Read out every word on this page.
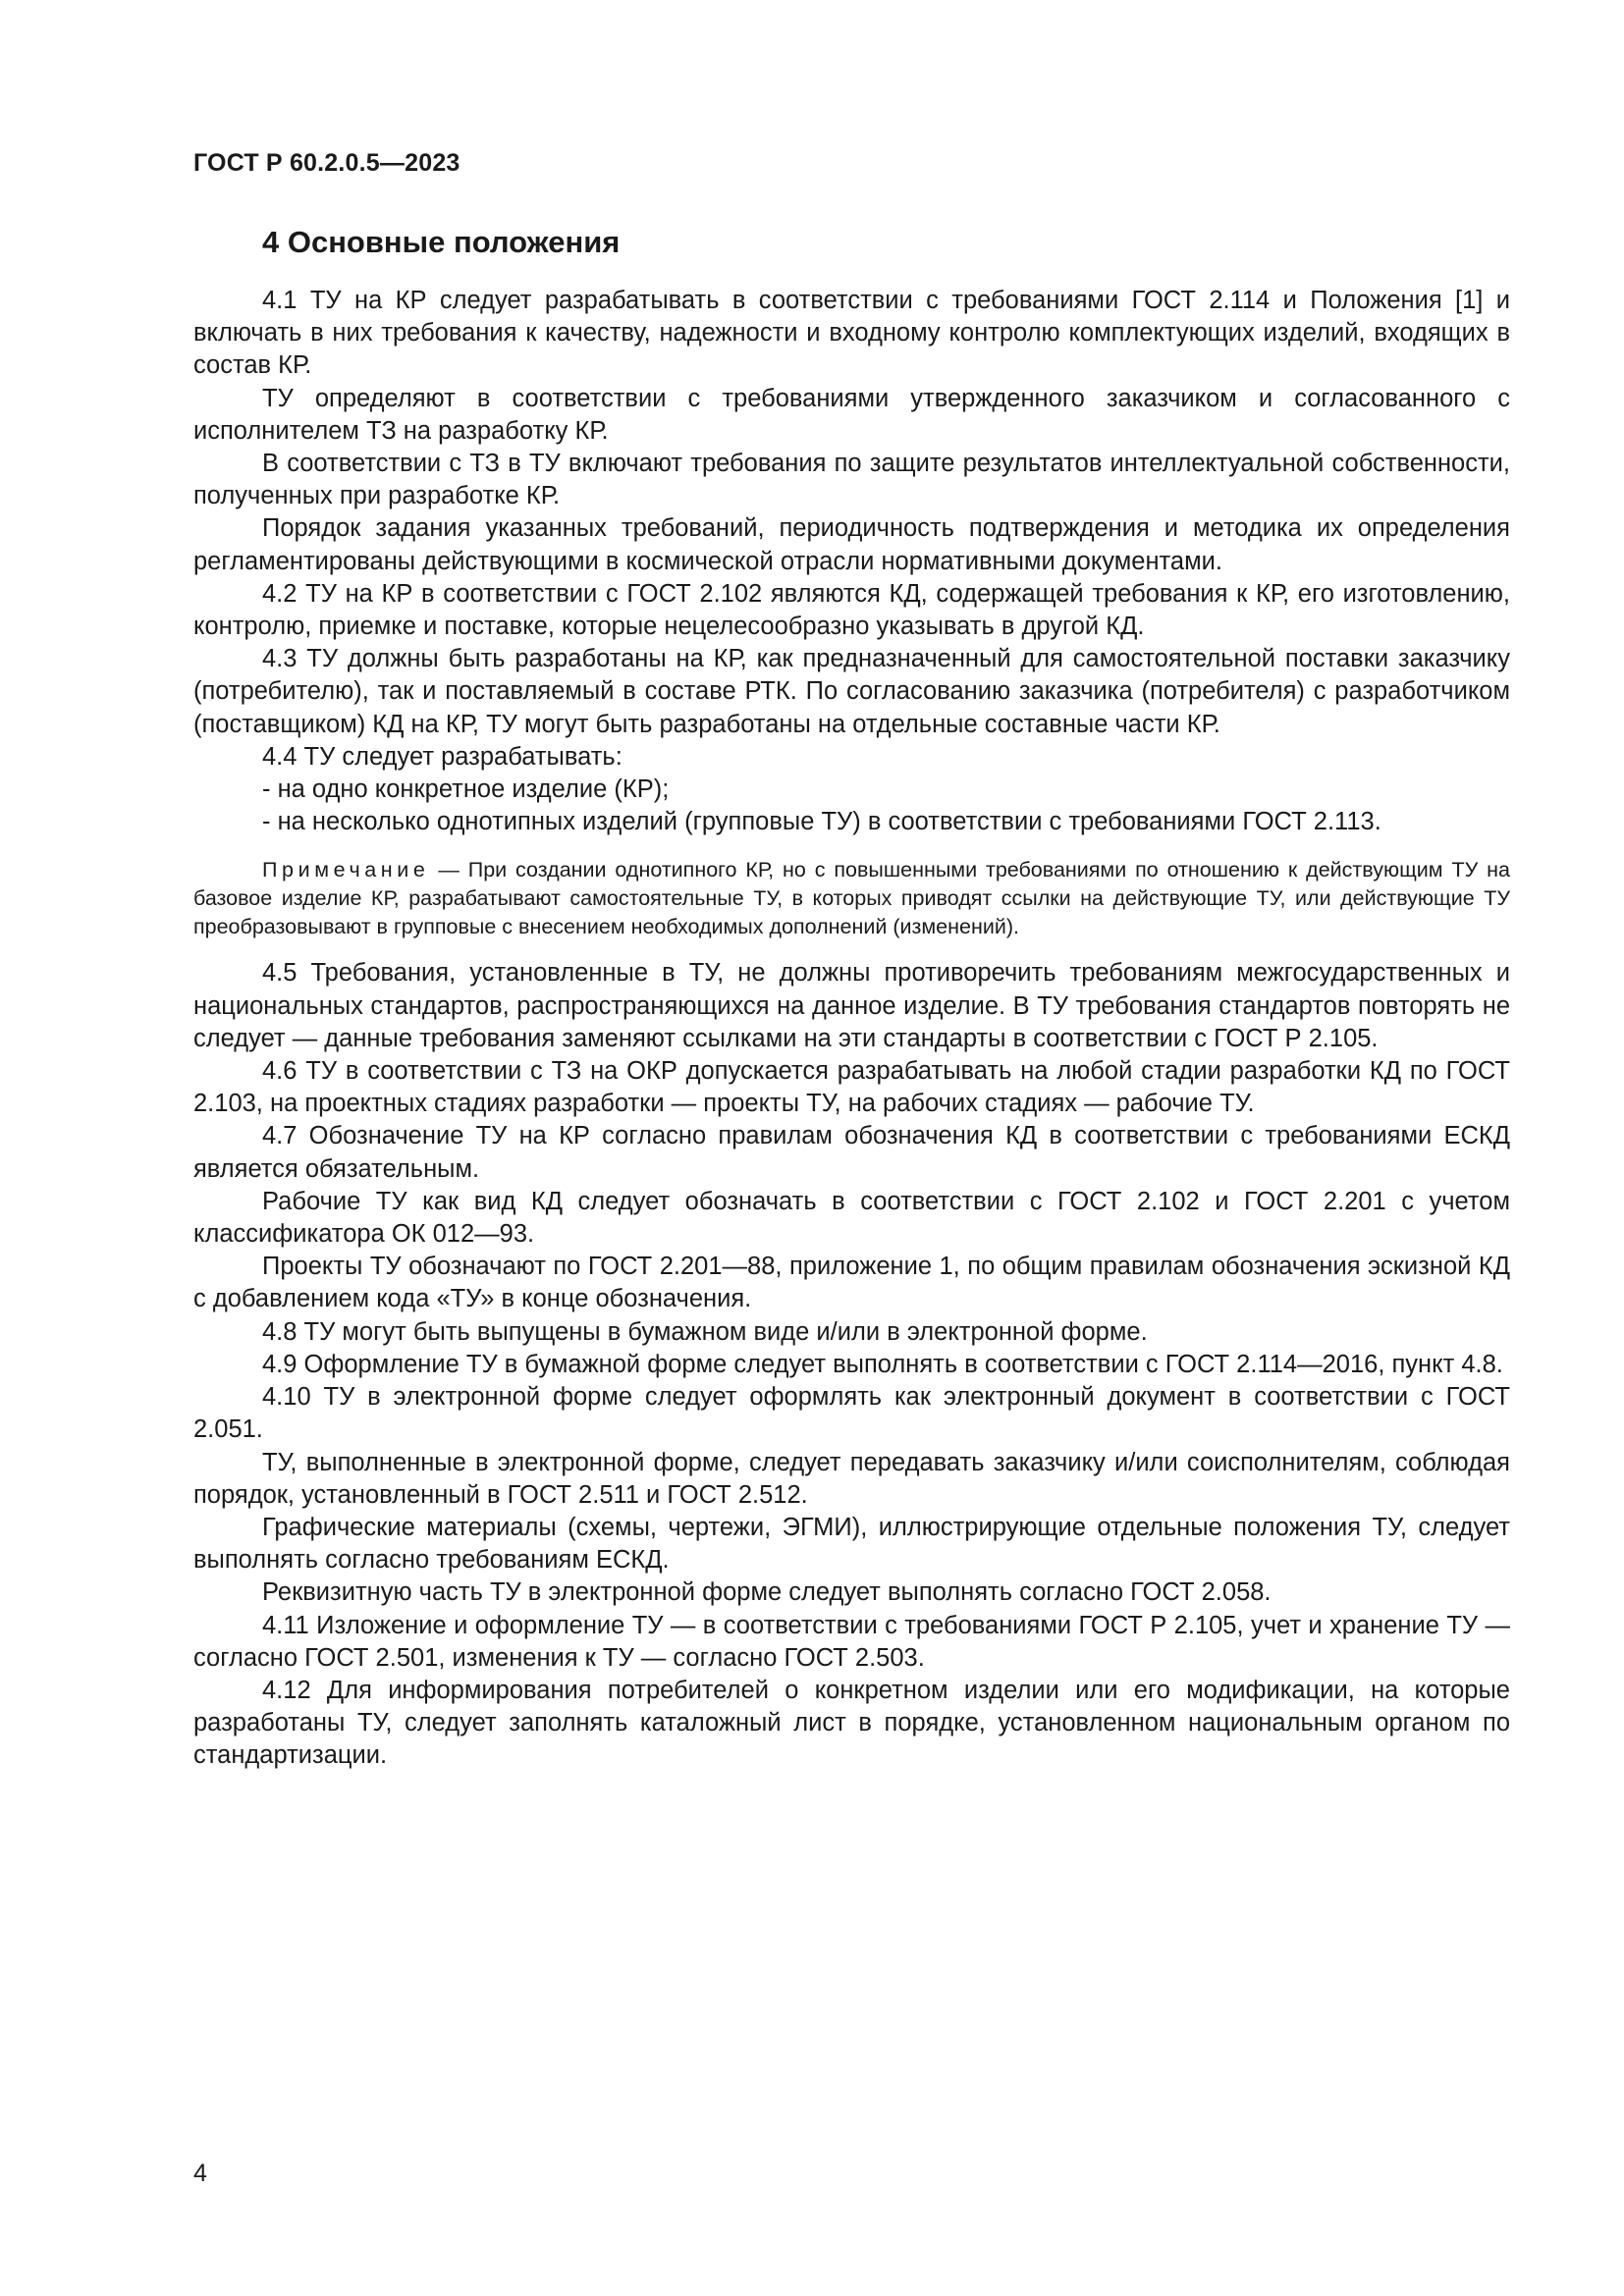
ГОСТ Р 60.2.0.5—2023
4 Основные положения

4.1 ТУ на КР следует разрабатывать в соответствии с требованиями ГОСТ 2.114 и Положения [1] и включать в них требования к качеству, надежности и входному контролю комплектующих изделий, входящих в состав КР.

ТУ определяют в соответствии с требованиями утвержденного заказчиком и согласованного с исполнителем ТЗ на разработку КР.

В соответствии с ТЗ в ТУ включают требования по защите результатов интеллектуальной собственности, полученных при разработке КР.

Порядок задания указанных требований, периодичность подтверждения и методика их определения регламентированы действующими в космической отрасли нормативными документами.

4.2 ТУ на КР в соответствии с ГОСТ 2.102 являются КД, содержащей требования к КР, его изготовлению, контролю, приемке и поставке, которые нецелесообразно указывать в другой КД.

4.3 ТУ должны быть разработаны на КР, как предназначенный для самостоятельной поставки заказчику (потребителю), так и поставляемый в составе РТК. По согласованию заказчика (потребителя) с разработчиком (поставщиком) КД на КР, ТУ могут быть разработаны на отдельные составные части КР.

4.4 ТУ следует разрабатывать:

- на одно конкретное изделие (КР);

- на несколько однотипных изделий (групповые ТУ) в соответствии с требованиями ГОСТ 2.113.

Примечание — При создании однотипного КР, но с повышенными требованиями по отношению к действующим ТУ на базовое изделие КР, разрабатывают самостоятельные ТУ, в которых приводят ссылки на действующие ТУ, или действующие ТУ преобразовывают в групповые с внесением необходимых дополнений (изменений).

4.5 Требования, установленные в ТУ, не должны противоречить требованиям межгосударственных и национальных стандартов, распространяющихся на данное изделие. В ТУ требования стандартов повторять не следует — данные требования заменяют ссылками на эти стандарты в соответствии с ГОСТ Р 2.105.

4.6 ТУ в соответствии с ТЗ на ОКР допускается разрабатывать на любой стадии разработки КД по ГОСТ 2.103, на проектных стадиях разработки — проекты ТУ, на рабочих стадиях — рабочие ТУ.

4.7 Обозначение ТУ на КР согласно правилам обозначения КД в соответствии с требованиями ЕСКД является обязательным.

Рабочие ТУ как вид КД следует обозначать в соответствии с ГОСТ 2.102 и ГОСТ 2.201 с учетом классификатора ОК 012—93.

Проекты ТУ обозначают по ГОСТ 2.201—88, приложение 1, по общим правилам обозначения эскизной КД с добавлением кода «ТУ» в конце обозначения.

4.8 ТУ могут быть выпущены в бумажном виде и/или в электронной форме.

4.9 Оформление ТУ в бумажной форме следует выполнять в соответствии с ГОСТ 2.114—2016, пункт 4.8.

4.10 ТУ в электронной форме следует оформлять как электронный документ в соответствии с ГОСТ 2.051.

ТУ, выполненные в электронной форме, следует передавать заказчику и/или соисполнителям, соблюдая порядок, установленный в ГОСТ 2.511 и ГОСТ 2.512.

Графические материалы (схемы, чертежи, ЭГМИ), иллюстрирующие отдельные положения ТУ, следует выполнять согласно требованиям ЕСКД.

Реквизитную часть ТУ в электронной форме следует выполнять согласно ГОСТ 2.058.

4.11 Изложение и оформление ТУ — в соответствии с требованиями ГОСТ Р 2.105, учет и хранение ТУ — согласно ГОСТ 2.501, изменения к ТУ — согласно ГОСТ 2.503.

4.12 Для информирования потребителей о конкретном изделии или его модификации, на которые разработаны ТУ, следует заполнять каталожный лист в порядке, установленном национальным органом по стандартизации.

4
